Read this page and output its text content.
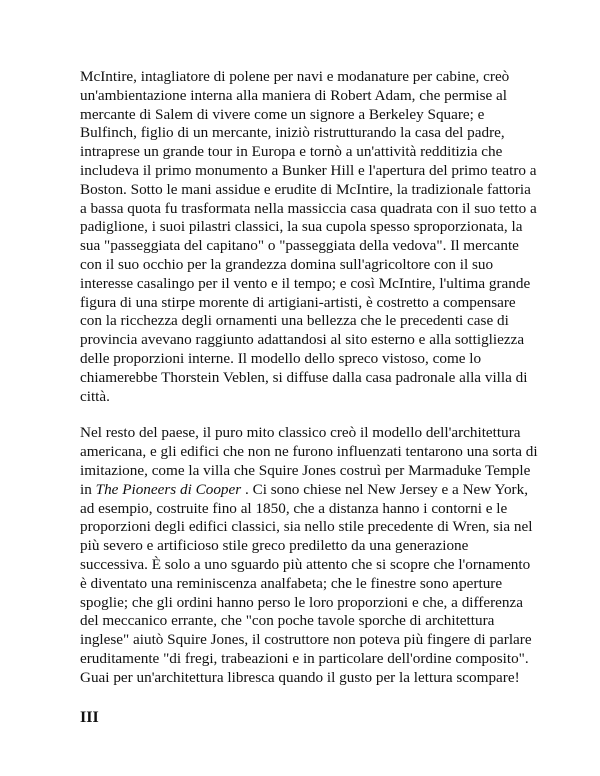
McIntire, intagliatore di polene per navi e modanature per cabine, creò un'ambientazione interna alla maniera di Robert Adam, che permise al mercante di Salem di vivere come un signore a Berkeley Square; e Bulfinch, figlio di un mercante, iniziò ristrutturando la casa del padre, intraprese un grande tour in Europa e tornò a un'attività redditizia che includeva il primo monumento a Bunker Hill e l'apertura del primo teatro a Boston. Sotto le mani assidue e erudite di McIntire, la tradizionale fattoria a bassa quota fu trasformata nella massiccia casa quadrata con il suo tetto a padiglione, i suoi pilastri classici, la sua cupola spesso sproporzionata, la sua "passeggiata del capitano" o "passeggiata della vedova". Il mercante con il suo occhio per la grandezza domina sull'agricoltore con il suo interesse casalingo per il vento e il tempo; e così McIntire, l'ultima grande figura di una stirpe morente di artigiani-artisti, è costretto a compensare con la ricchezza degli ornamenti una bellezza che le precedenti case di provincia avevano raggiunto adattandosi al sito esterno e alla sottigliezza delle proporzioni interne. Il modello dello spreco vistoso, come lo chiamerebbe Thorstein Veblen, si diffuse dalla casa padronale alla villa di città.

Nel resto del paese, il puro mito classico creò il modello dell'architettura americana, e gli edifici che non ne furono influenzati tentarono una sorta di imitazione, come la villa che Squire Jones costruì per Marmaduke Temple in The Pioneers di Cooper . Ci sono chiese nel New Jersey e a New York, ad esempio, costruite fino al 1850, che a distanza hanno i contorni e le proporzioni degli edifici classici, sia nello stile precedente di Wren, sia nel più severo e artificioso stile greco prediletto da una generazione successiva. È solo a uno sguardo più attento che si scopre che l'ornamento è diventato una reminiscenza analfabeta; che le finestre sono aperture spoglie; che gli ordini hanno perso le loro proporzioni e che, a differenza del meccanico errante, che "con poche tavole sporche di architettura inglese" aiutò Squire Jones, il costruttore non poteva più fingere di parlare eruditamente "di fregi, trabeazioni e in particolare dell'ordine composito". Guai per un'architettura libresca quando il gusto per la lettura scompare!

III
